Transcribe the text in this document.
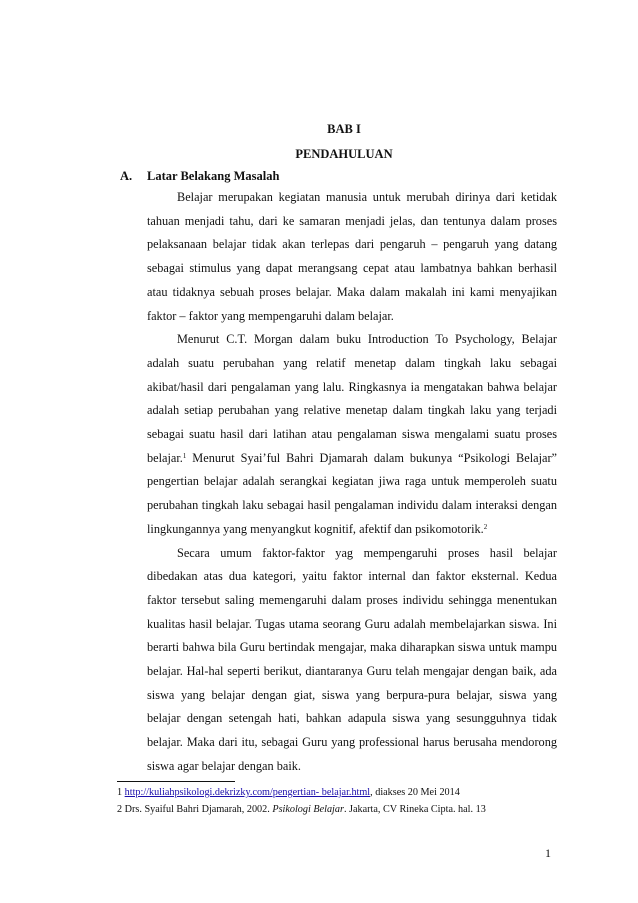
BAB I
PENDAHULUAN
A. Latar Belakang Masalah

Belajar merupakan kegiatan manusia untuk merubah dirinya dari ketidak tahuan menjadi tahu, dari ke samaran menjadi jelas, dan tentunya dalam proses pelaksanaan belajar tidak akan terlepas dari pengaruh – pengaruh yang datang sebagai stimulus yang dapat merangsang cepat atau lambatnya bahkan berhasil atau tidaknya sebuah proses belajar. Maka dalam makalah ini kami menyajikan faktor – faktor yang mempengaruhi dalam belajar.

Menurut C.T. Morgan dalam buku Introduction To Psychology, Belajar adalah suatu perubahan yang relatif menetap dalam tingkah laku sebagai akibat/hasil dari pengalaman yang lalu. Ringkasnya ia mengatakan bahwa belajar adalah setiap perubahan yang relative menetap dalam tingkah laku yang terjadi sebagai suatu hasil dari latihan atau pengalaman siswa mengalami suatu proses belajar.$^1$ Menurut Syai’ful Bahri Djamarah dalam bukunya “Psikologi Belajar” pengertian belajar adalah serangkai kegiatan jiwa raga untuk memperoleh suatu perubahan tingkah laku sebagai hasil pengalaman individu dalam interaksi dengan lingkungannya yang menyangkut kognitif, afektif dan psikomotorik.$^2$

Secara umum faktor-faktor yag mempengaruhi proses hasil belajar dibedakan atas dua kategori, yaitu faktor internal dan faktor eksternal. Kedua faktor tersebut saling memengaruhi dalam proses individu sehingga menentukan kualitas hasil belajar. Tugas utama seorang Guru adalah membelajarkan siswa. Ini berarti bahwa bila Guru bertindak mengajar, maka diharapkan siswa untuk mampu belajar. Hal-hal seperti berikut, diantaranya Guru telah mengajar dengan baik, ada siswa yang belajar dengan giat, siswa yang berpura-pura belajar, siswa yang belajar dengan setengah hati, bahkan adapula siswa yang sesungguhnya tidak belajar. Maka dari itu, sebagai Guru yang professional harus berusaha mendorong siswa agar belajar dengan baik.

1 http://kuliahpsikologi.dekrizky.com/pengertian- belajar.html, diakses 20 Mei 2014
2 Drs. Syaiful Bahri Djamarah, 2002. Psikologi Belajar. Jakarta, CV Rineka Cipta. hal. 13
1
